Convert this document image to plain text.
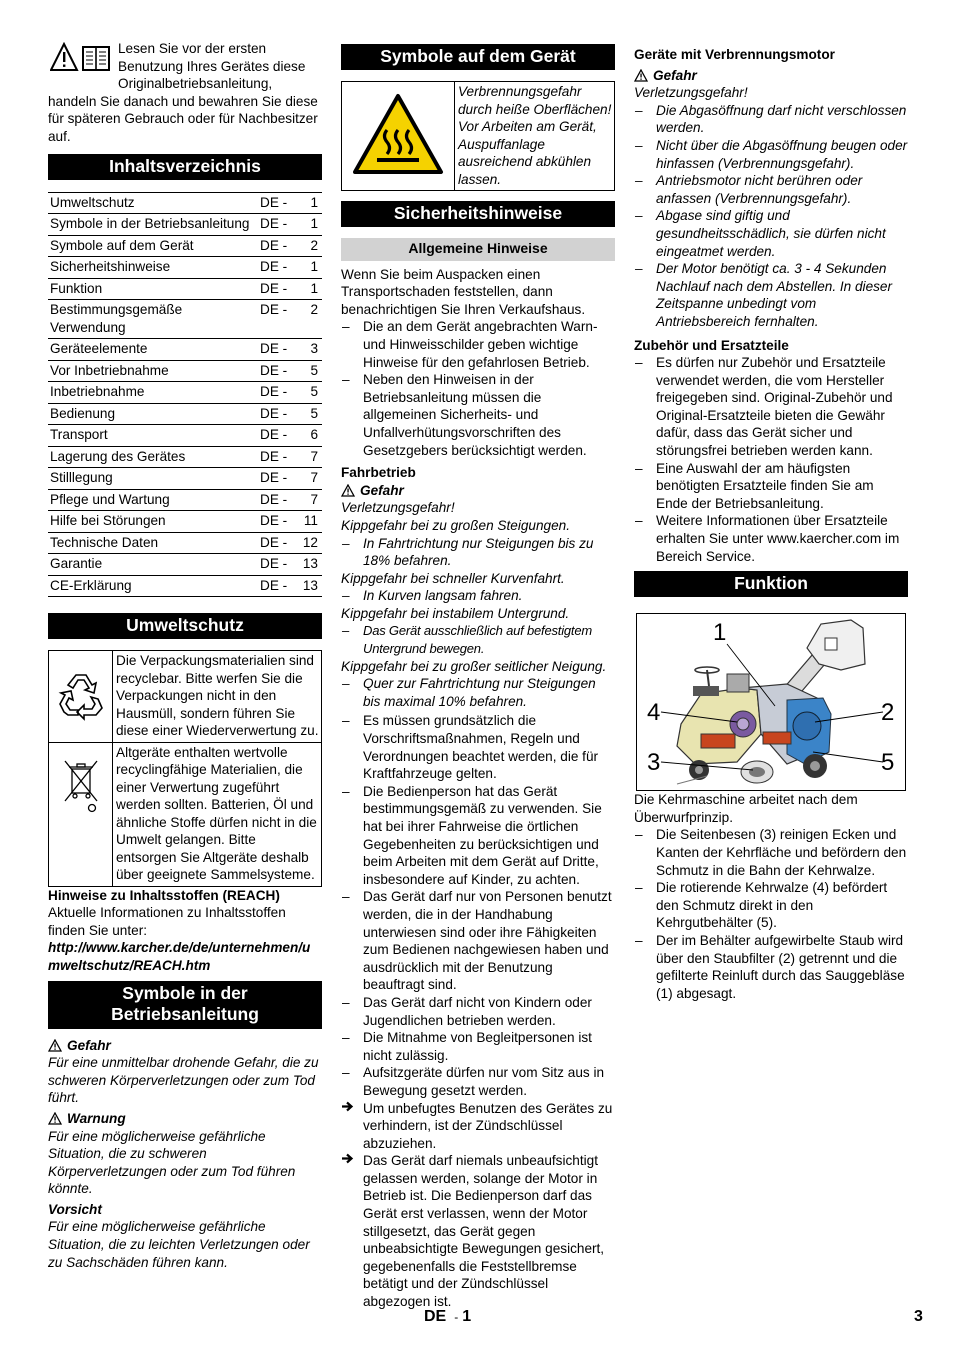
Lesen Sie vor der ersten Benutzung Ihres Gerätes diese Originalbetriebsanleitung, handeln Sie danach und bewahren Sie diese für späteren Gebrauch oder für Nachbesitzer auf.

Inhaltsverzeichnis
Umweltschutz	DE -	1
Symbole in der Betriebsanleitung	DE -	1
Symbole auf dem Gerät	DE -	2
Sicherheitshinweise	DE -	1
Funktion	DE -	1
Bestimmungsgemäße Verwendung	DE -	2
Geräteelemente	DE -	3
Vor Inbetriebnahme	DE -	5
Inbetriebnahme	DE -	5
Bedienung	DE -	5
Transport	DE -	6
Lagerung des Gerätes	DE -	7
Stilllegung	DE -	7
Pflege und Wartung	DE -	7
Hilfe bei Störungen	DE -	11
Technische Daten	DE -	12
Garantie	DE -	13
CE-Erklärung	DE -	13
Umweltschutz
	Die Verpackungsmaterialien sind recyclebar. Bitte werfen Sie die Verpackungen nicht in den Hausmüll, sondern führen Sie diese einer Wiederverwertung zu.
	Altgeräte enthalten wertvolle recyclingfähige Materialien, die einer Verwertung zugeführt werden sollten. Batterien, Öl und ähnliche Stoffe dürfen nicht in die Umwelt gelangen. Bitte entsorgen Sie Altgeräte deshalb über geeignete Sammelsysteme.

Hinweise zu Inhaltsstoffen (REACH)

Aktuelle Informationen zu Inhaltsstoffen finden Sie unter:

http://www.karcher.de/de/unternehmen/umweltschutz/REACH.htm

Symbole in der Betriebsanleitung

Gefahr

Für eine unmittelbar drohende Gefahr, die zu schweren Körperverletzungen oder zum Tod führt.

Warnung

Für eine möglicherweise gefährliche Situation, die zu schweren Körperverletzungen oder zum Tod führen könnte.

Vorsicht

Für eine möglicherweise gefährliche Situation, die zu leichten Verletzungen oder zu Sachschäden führen kann.

Symbole auf dem Gerät
	Verbrennungsgefahr durch heiße Oberflächen! Vor Arbeiten am Gerät, Auspuffanlage ausreichend abkühlen lassen.
Sicherheitshinweise
Allgemeine Hinweise

Wenn Sie beim Auspacken einen Transportschaden feststellen, dann benachrichtigen Sie Ihren Verkaufshaus.

– Die an dem Gerät angebrachten Warn- und Hinweisschilder geben wichtige Hinweise für den gefahrlosen Betrieb.
– Neben den Hinweisen in der Betriebsanleitung müssen die allgemeinen Sicherheits- und Unfallverhütungsvorschriften des Gesetzgebers berücksichtigt werden.

Fahrbetrieb

Gefahr

Verletzungsgefahr!

Kippgefahr bei zu großen Steigungen.

– In Fahrtrichtung nur Steigungen bis zu 18% befahren.

Kippgefahr bei schneller Kurvenfahrt.

– In Kurven langsam fahren.

Kippgefahr bei instabilem Untergrund.

– Das Gerät ausschließlich auf befestigtem Untergrund bewegen.

Kippgefahr bei zu großer seitlicher Neigung.

– Quer zur Fahrtrichtung nur Steigungen bis maximal 10% befahren.
– Es müssen grundsätzlich die Vorschriftsmaßnahmen, Regeln und Verordnungen beachtet werden, die für Kraftfahrzeuge gelten.
– Die Bedienperson hat das Gerät bestimmungsgemäß zu verwenden. Sie hat bei ihrer Fahrweise die örtlichen Gegebenheiten zu berücksichtigen und beim Arbeiten mit dem Gerät auf Dritte, insbesondere auf Kinder, zu achten.
– Das Gerät darf nur von Personen benutzt werden, die in der Handhabung unterwiesen sind oder ihre Fähigkeiten zum Bedienen nachgewiesen haben und ausdrücklich mit der Benutzung beauftragt sind.
– Das Gerät darf nicht von Kindern oder Jugendlichen betrieben werden.
– Die Mitnahme von Begleitpersonen ist nicht zulässig.
– Aufsitzgeräte dürfen nur vom Sitz aus in Bewegung gesetzt werden.
Um unbefugtes Benutzen des Gerätes zu verhindern, ist der Zündschlüssel abzuziehen.
Das Gerät darf niemals unbeaufsichtigt gelassen werden, solange der Motor in Betrieb ist. Die Bedienperson darf das Gerät erst verlassen, wenn der Motor stillgesetzt, das Gerät gegen unbeabsichtigte Bewegungen gesichert, gegebenenfalls die Feststellbremse betätigt und der Zündschlüssel abgezogen ist.

Geräte mit Verbrennungsmotor

Gefahr

Verletzungsgefahr!

– Die Abgasöffnung darf nicht verschlossen werden.
– Nicht über die Abgasöffnung beugen oder hinfassen (Verbrennungsgefahr).
– Antriebsmotor nicht berühren oder anfassen (Verbrennungsgefahr).
– Abgase sind giftig und gesundheitsschädlich, sie dürfen nicht eingeatmet werden.
– Der Motor benötigt ca. 3 - 4 Sekunden Nachlauf nach dem Abstellen. In dieser Zeitspanne unbedingt vom Antriebsbereich fernhalten.

Zubehör und Ersatzteile

– Es dürfen nur Zubehör und Ersatzteile verwendet werden, die vom Hersteller freigegeben sind. Original-Zubehör und Original-Ersatzteile bieten die Gewähr dafür, dass das Gerät sicher und störungsfrei betrieben werden kann.
– Eine Auswahl der am häufigsten benötigten Ersatzteile finden Sie am Ende der Betriebsanleitung.
– Weitere Informationen über Ersatzteile erhalten Sie unter www.kaercher.com im Bereich Service.
Funktion
1
2
3
4
5

Die Kehrmaschine arbeitet nach dem Überwurfprinzip.

– Die Seitenbesen (3) reinigen Ecken und Kanten der Kehrfläche und befördern den Schmutz in die Bahn der Kehrwalze.
– Die rotierende Kehrwalze (4) befördert den Schmutz direkt in den Kehrgutbehälter (5).
– Der im Behälter aufgewirbelte Staub wird über den Staubfilter (2) getrennt und die gefilterte Reinluft durch das Sauggebläse (1) abgesagt.
DE - 1	3
